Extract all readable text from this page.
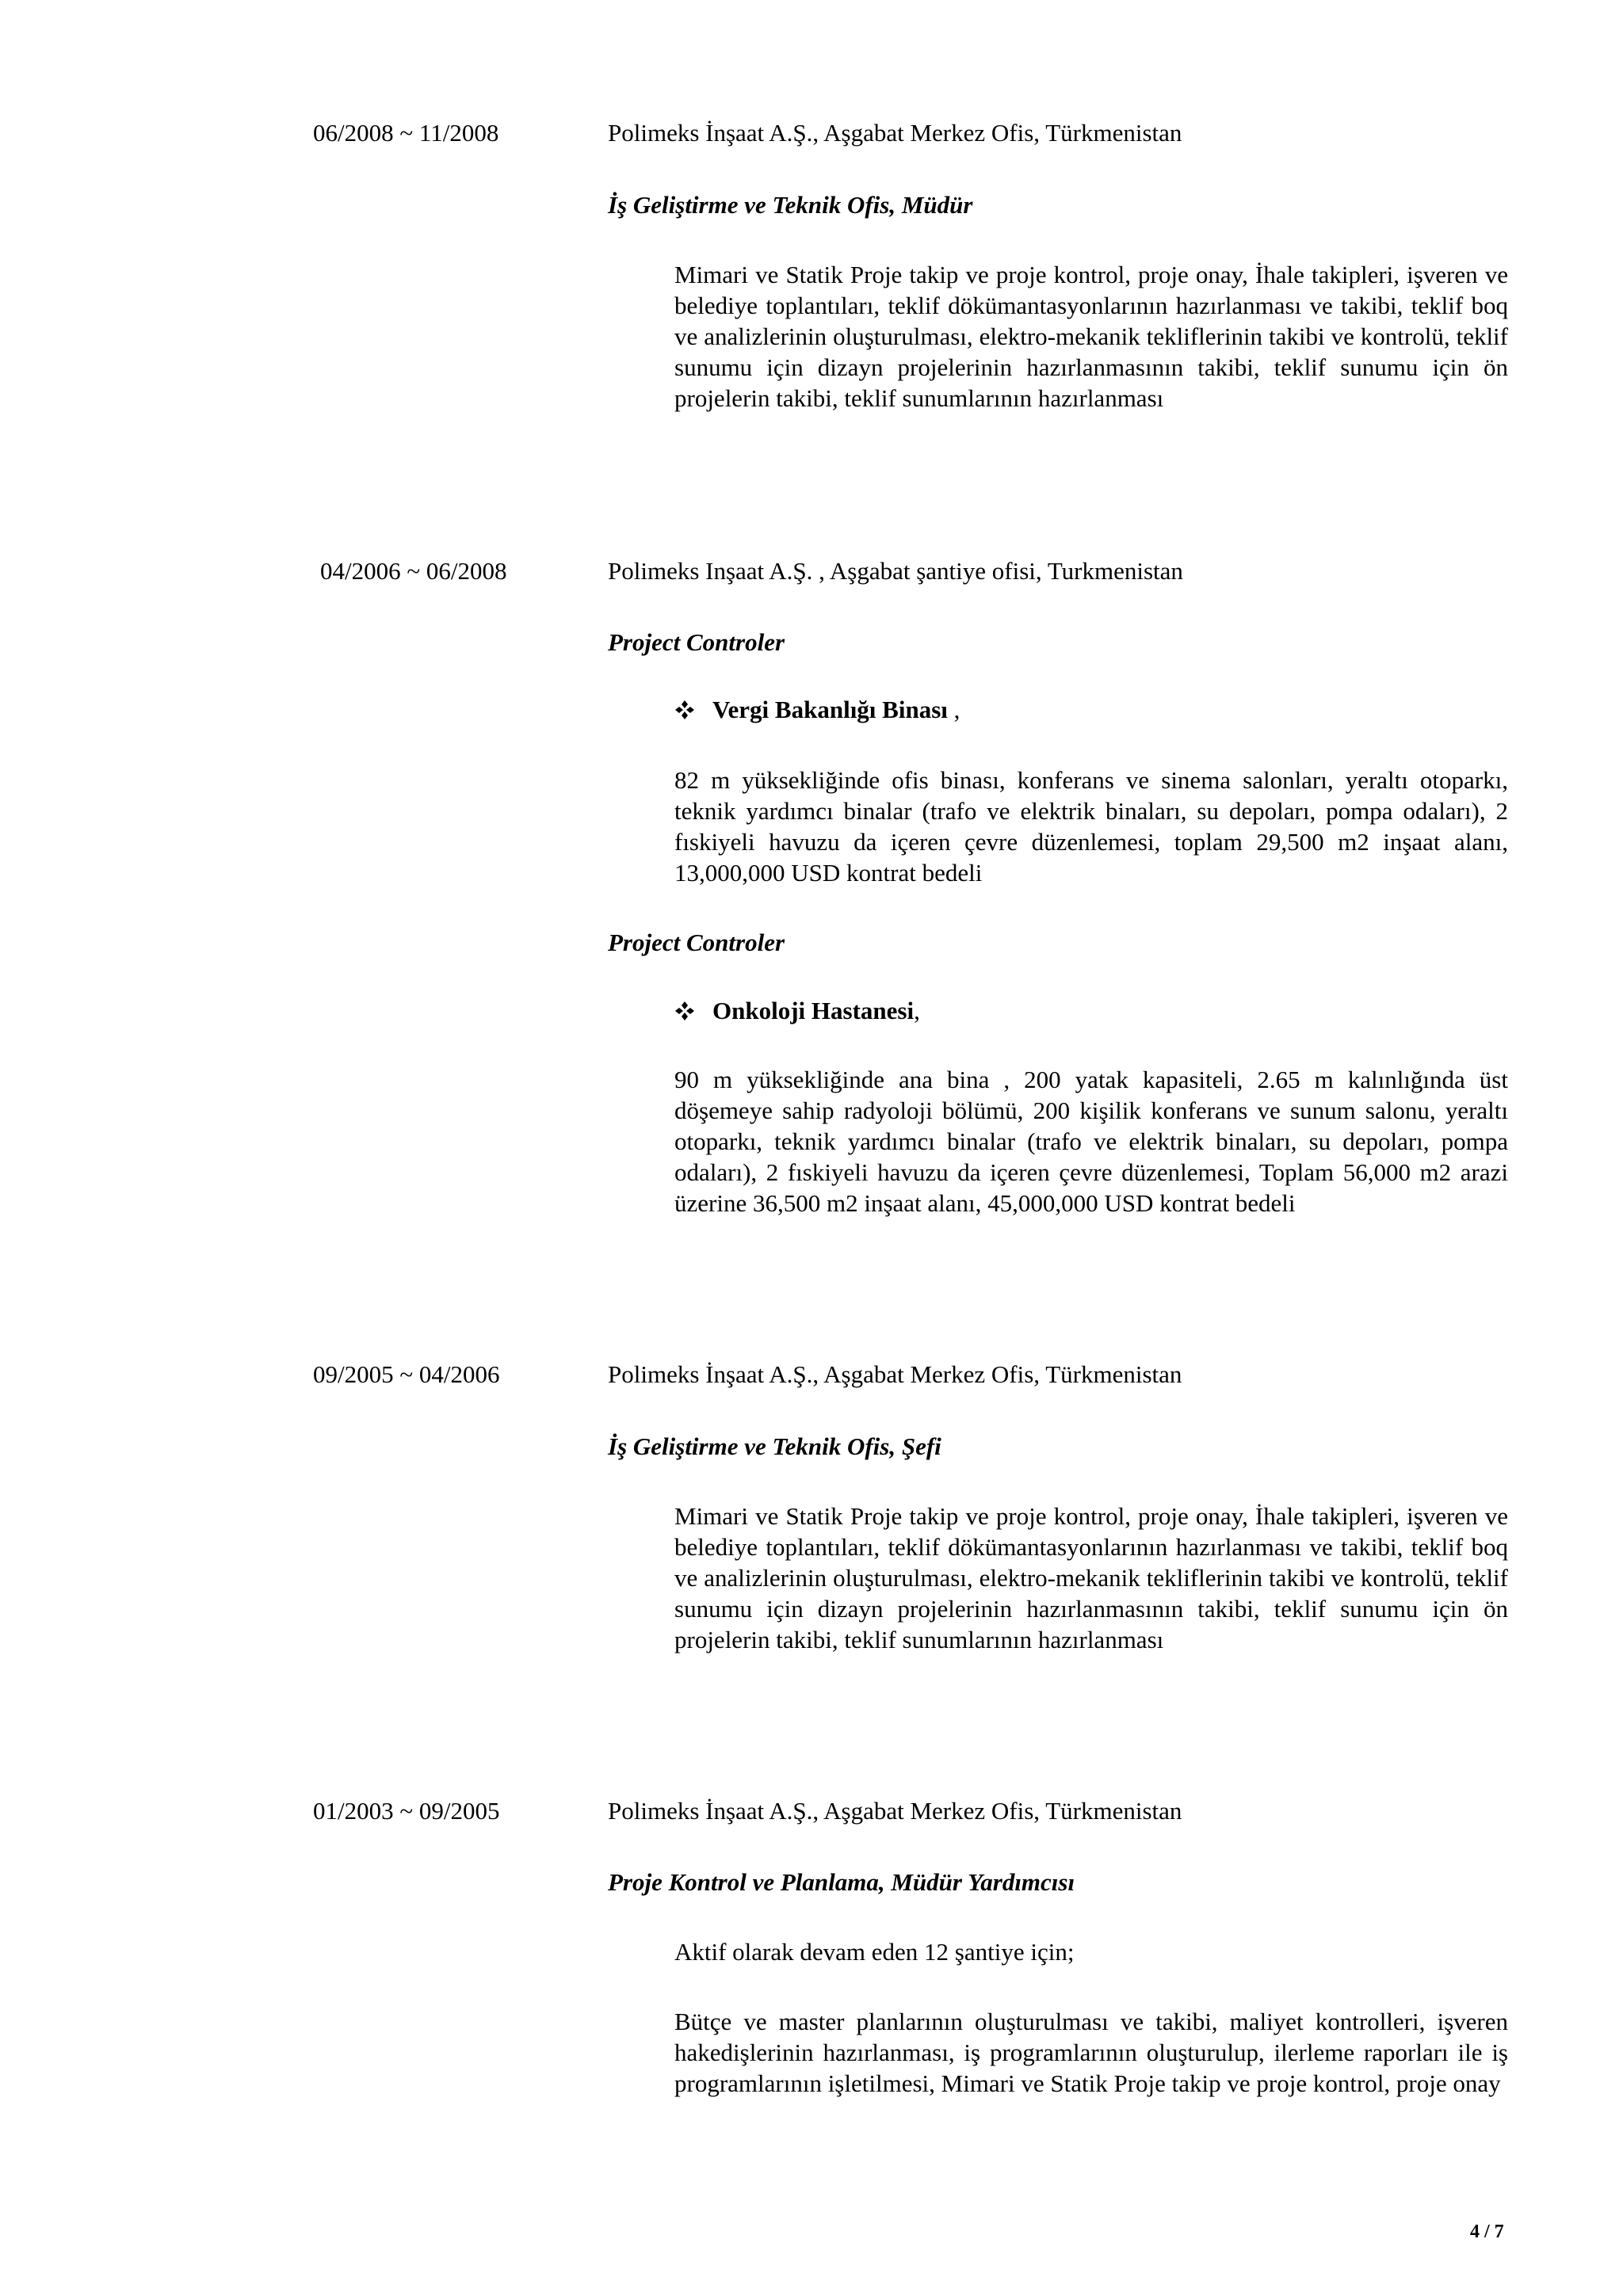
06/2008 ~ 11/2008	Polimeks İnşaat A.Ş., Aşgabat Merkez Ofis, Türkmenistan
İş Geliştirme ve Teknik Ofis, Müdür
Mimari ve Statik Proje takip ve proje kontrol, proje onay, İhale takipleri, işveren ve belediye toplantıları, teklif dökümantasyonlarının hazırlanması ve takibi, teklif boq ve analizlerinin oluşturulması, elektro-mekanik tekliflerinin takibi ve kontrolü, teklif sunumu için dizayn projelerinin hazırlanmasının takibi, teklif sunumu için ön projelerin takibi, teklif sunumlarının hazırlanması
04/2006 ~ 06/2008	Polimeks Inşaat A.Ş. , Aşgabat şantiye ofisi, Turkmenistan
Project Controler
Vergi Bakanlığı Binası ,
82 m yüksekliğinde ofis binası, konferans ve sinema salonları, yeraltı otoparkı, teknik yardımcı binalar (trafo ve elektrik binaları, su depoları, pompa odaları), 2 fıskiyeli havuzu da içeren çevre düzenlemesi, toplam 29,500 m2 inşaat alanı, 13,000,000 USD kontrat bedeli
Project Controler
Onkoloji Hastanesi,
90 m yüksekliğinde ana bina , 200 yatak kapasiteli, 2.65 m kalınlığında üst döşemeye sahip radyoloji bölümü, 200 kişilik konferans ve sunum salonu, yeraltı otoparkı, teknik yardımcı binalar (trafo ve elektrik binaları, su depoları, pompa odaları), 2 fıskiyeli havuzu da içeren çevre düzenlemesi, Toplam 56,000 m2 arazi üzerine 36,500 m2 inşaat alanı, 45,000,000 USD kontrat bedeli
09/2005 ~ 04/2006	Polimeks İnşaat A.Ş., Aşgabat Merkez Ofis, Türkmenistan
İş Geliştirme ve Teknik Ofis, Şefi
Mimari ve Statik Proje takip ve proje kontrol, proje onay, İhale takipleri, işveren ve belediye toplantıları, teklif dökümantasyonlarının hazırlanması ve takibi, teklif boq ve analizlerinin oluşturulması, elektro-mekanik tekliflerinin takibi ve kontrolü, teklif sunumu için dizayn projelerinin hazırlanmasının takibi, teklif sunumu için ön projelerin takibi, teklif sunumlarının hazırlanması
01/2003 ~ 09/2005	Polimeks İnşaat A.Ş., Aşgabat Merkez Ofis, Türkmenistan
Proje Kontrol ve Planlama, Müdür Yardımcısı
Aktif olarak devam eden 12 şantiye için;
Bütçe ve master planlarının oluşturulması ve takibi, maliyet kontrolleri, işveren hakedişlerinin hazırlanması, iş programlarının oluşturulup, ilerleme raporları ile iş programlarının işletilmesi, Mimari ve Statik Proje takip ve proje kontrol, proje onay
4 / 7
